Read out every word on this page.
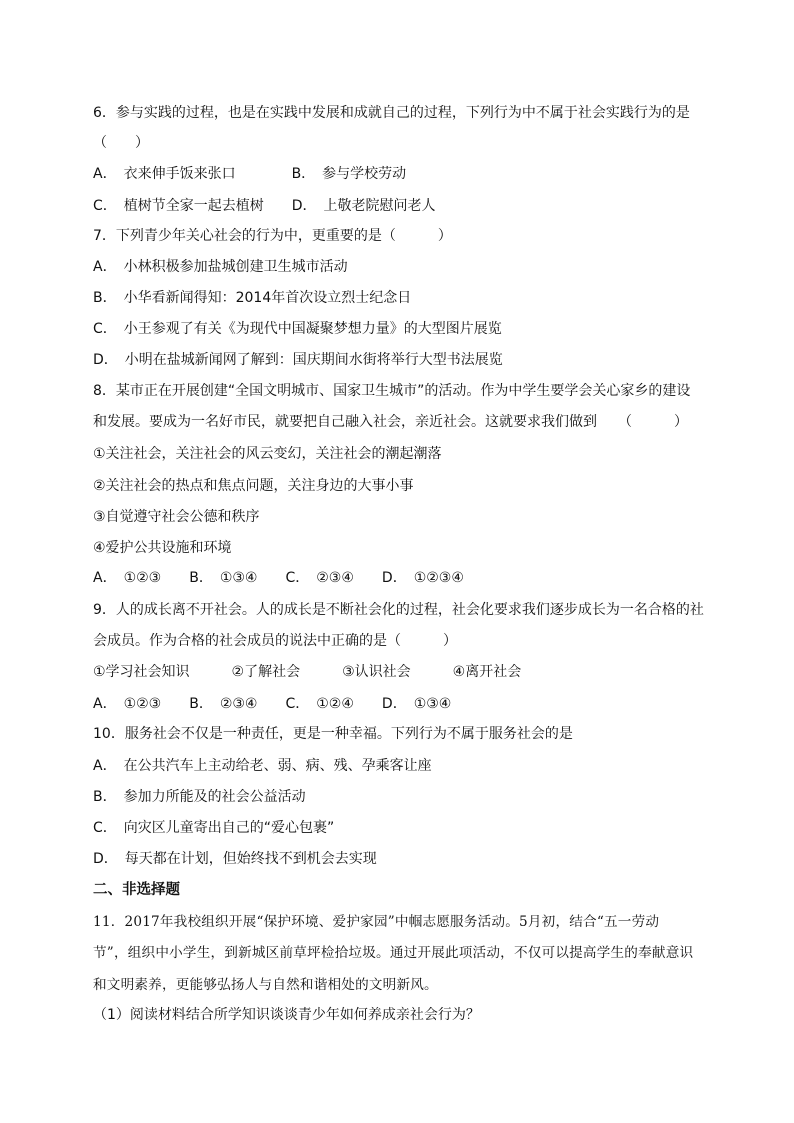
6．参与实践的过程，也是在实践中发展和成就自己的过程，下列行为中不属于社会实践行为的是
（　　）
A．　衣来伸手饭来张口　　　　B．　参与学校劳动
C．　植树节全家一起去植树　　D．　上敬老院慰问老人
7．下列青少年关心社会的行为中，更重要的是（　　　）
A．　小林积极参加盐城创建卫生城市活动
B．　小华看新闻得知：2014年首次设立烈士纪念日
C．　小王参观了有关《为现代中国凝聚梦想力量》的大型图片展览
D．　小明在盐城新闻网了解到：国庆期间水街将举行大型书法展览
8．某市正在开展创建“全国文明城市、国家卫生城市”的活动。作为中学生要学会关心家乡的建设
和发展。要成为一名好市民，就要把自己融入社会，亲近社会。这就要求我们做到　　（　　　）
①关注社会，关注社会的风云变幻，关注社会的潮起潮落
②关注社会的热点和焦点问题，关注身边的大事小事
③自觉遵守社会公德和秩序
④爱护公共设施和环境
A．　①②③　　B．　①③④　　C．　②③④　　D．　①②③④
9．人的成长离不开社会。人的成长是不断社会化的过程，社会化要求我们逐步成长为一名合格的社
会成员。作为合格的社会成员的说法中正确的是（　　　）
①学习社会知识　　　②了解社会　　　③认识社会　　　④离开社会
A．　①②③　　B．　②③④　　C．　①②④　　D．　①③④
10．服务社会不仅是一种责任，更是一种幸福。下列行为不属于服务社会的是
A．　在公共汽车上主动给老、弱、病、残、孕乘客让座
B．　参加力所能及的社会公益活动
C．　向灾区儿童寄出自己的“爱心包裹”
D．　每天都在计划，但始终找不到机会去实现
二、非选择题
11．2017年我校组织开展“保护环境、爱护家园”中帼志愿服务活动。5月初，结合“五一劳动
节”，组织中小学生，到新城区前草坪检拾垃圾。通过开展此项活动，不仅可以提高学生的奉献意识
和文明素养，更能够弘扬人与自然和谐相处的文明新风。
（1）阅读材料结合所学知识谈谈青少年如何养成亲社会行为？
